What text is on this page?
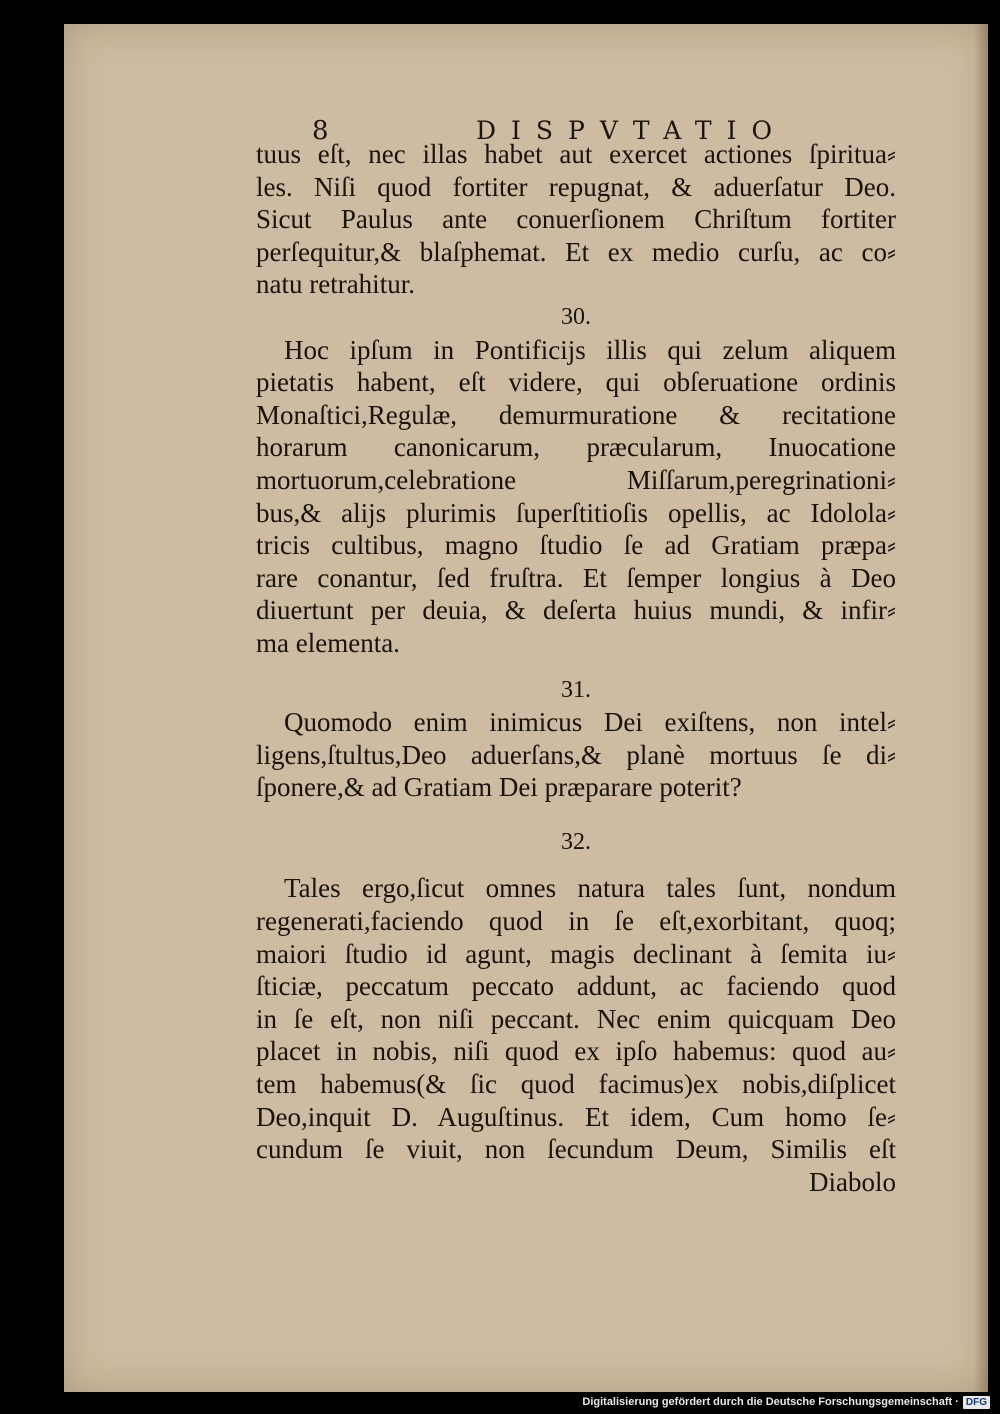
8	DISPVTATIO
tuus eſt, nec illas habet aut exercet actiones ſpiritua⸗
les. Niſi quod fortiter repugnat, & aduerſatur Deo.
Sicut Paulus ante conuerſionem Chriſtum fortiter
perſequitur,& blaſphemat. Et ex medio curſu, ac co⸗
natu retrahitur.
30.
Hoc ipſum in Pontificijs illis qui zelum aliquem
pietatis habent, eſt videre, qui obſeruatione ordinis
Monaſtici,Regulæ, demurmuratione & recitatione
horarum canonicarum, præcularum, Inuocatione
mortuorum,celebratione Miſſarum,peregrinationi⸗
bus,& alijs plurimis ſuperſtitioſis opellis, ac Idolola⸗
tricis cultibus, magno ſtudio ſe ad Gratiam præpa⸗
rare conantur, ſed fruſtra. Et ſemper longius à Deo
diuertunt per deuia, & deſerta huius mundi, & infir⸗
ma elementa.
31.
Quomodo enim inimicus Dei exiſtens, non intel⸗
ligens,ſtultus,Deo aduerſans,& planè mortuus ſe di⸗
ſponere,& ad Gratiam Dei præparare poterit?
32.
Tales ergo,ſicut omnes natura tales ſunt, nondum
regenerati,faciendo quod in ſe eſt,exorbitant, quoq;
maiori ſtudio id agunt, magis declinant à ſemita iu⸗
ſticiæ, peccatum peccato addunt, ac faciendo quod
in ſe eſt, non niſi peccant. Nec enim quicquam Deo
placet in nobis, niſi quod ex ipſo habemus: quod au⸗
tem habemus(& ſic quod facimus)ex nobis,diſplicet
Deo,inquit D. Auguſtinus. Et idem, Cum homo ſe⸗
cundum ſe viuit, non ſecundum Deum, Similis eſt
Diabolo
Digitalisierung gefördert durch die Deutsche Forschungsgemeinschaft · DFG
